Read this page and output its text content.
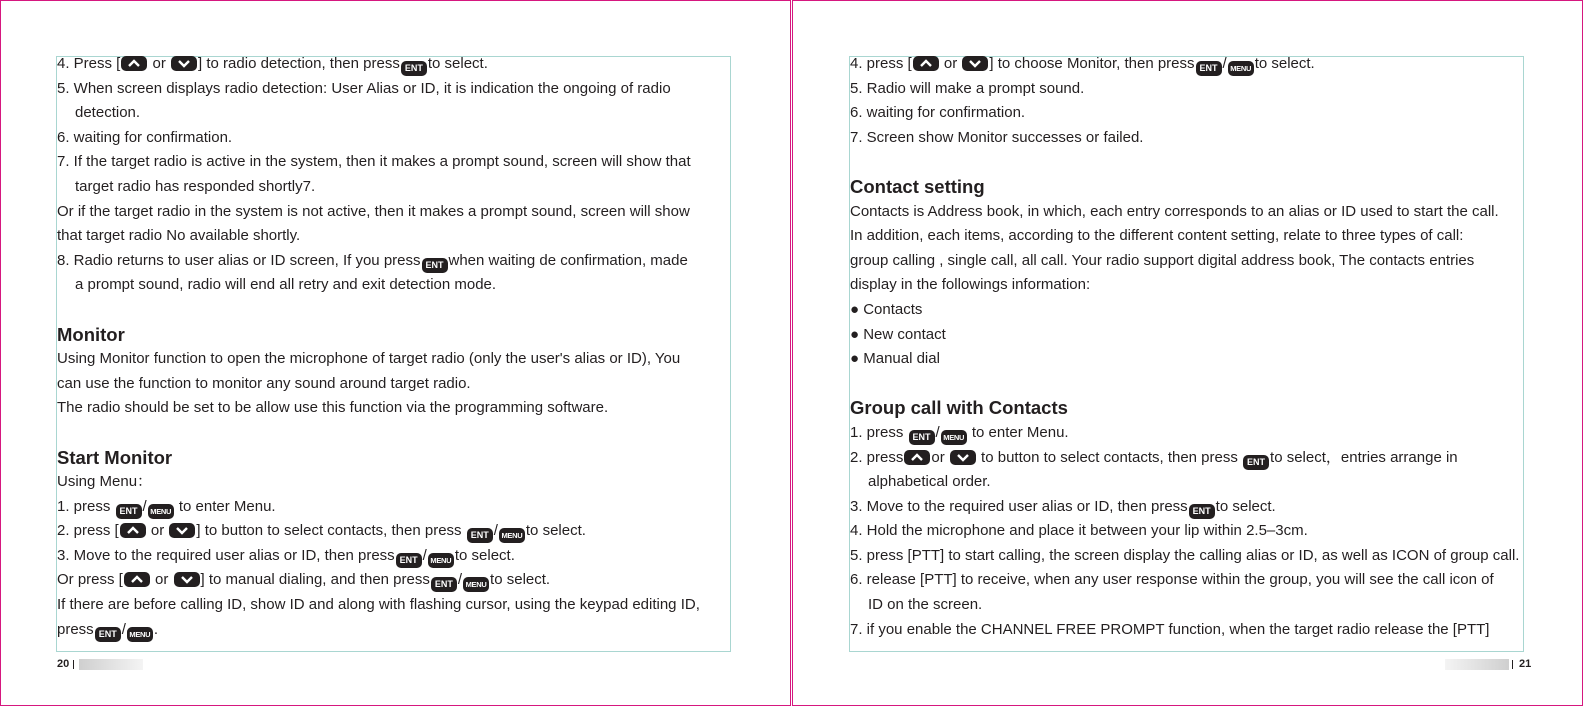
4. Press [
or
] to radio detection, then press ENT to select.
5. When screen displays radio detection: User Alias or ID, it is indication the ongoing of radio
detection.
6. waiting for confirmation.
7. If the target radio is active in the system, then it makes a prompt sound, screen will show that
target radio has responded shortly7.
Or if the target radio in the system is not active, then it makes a prompt sound, screen will show
that target radio No available shortly.
8. Radio returns to user alias or ID screen, If you press ENT when waiting de confirmation, made
a prompt sound, radio will end all retry and exit detection mode.
Monitor
Using Monitor function to open the microphone of target radio (only the user's alias or ID), You
can use the function to monitor any sound around target radio.
The radio should be set to be allow use this function via the programming software.
Start Monitor
Using Menu：
1. press ENT / MENU to enter Menu.
2. press [
or
] to button to select contacts, then press ENT / MENU to select.
3. Move to the required user alias or ID, then press ENT / MENU to select.
Or press [
or
] to manual dialing, and then press ENT / MENU to select.
If there are before calling ID, show ID and along with flashing cursor, using the keypad editing ID,
press ENT / MENU .
4. press [
or
] to choose Monitor, then press ENT / MENU to select.
5. Radio will make a prompt sound.
6. waiting for confirmation.
7. Screen show Monitor successes or failed.
Contact setting
Contacts is Address book, in which, each entry corresponds to an alias or ID used to start the call.
In addition, each items, according to the different content setting, relate to three types of call:
group calling , single call, all call. Your radio support digital address book, The contacts entries
display in the followings information:
● Contacts
● New contact
● Manual dial
Group call with Contacts
1. press ENT / MENU to enter Menu.
2. press or
to button to select contacts, then press ENT to select，entries arrange in
alphabetical order.
3. Move to the required user alias or ID, then press ENT to select.
4. Hold the microphone and place it between your lip within 2.5–3cm.
5. press [PTT] to start calling, the screen display the calling alias or ID, as well as ICON of group call.
6. release [PTT] to receive, when any user response within the group, you will see the call icon of
ID on the screen.
7. if you enable the CHANNEL FREE PROMPT function, when the target radio release the [PTT]
20	21
